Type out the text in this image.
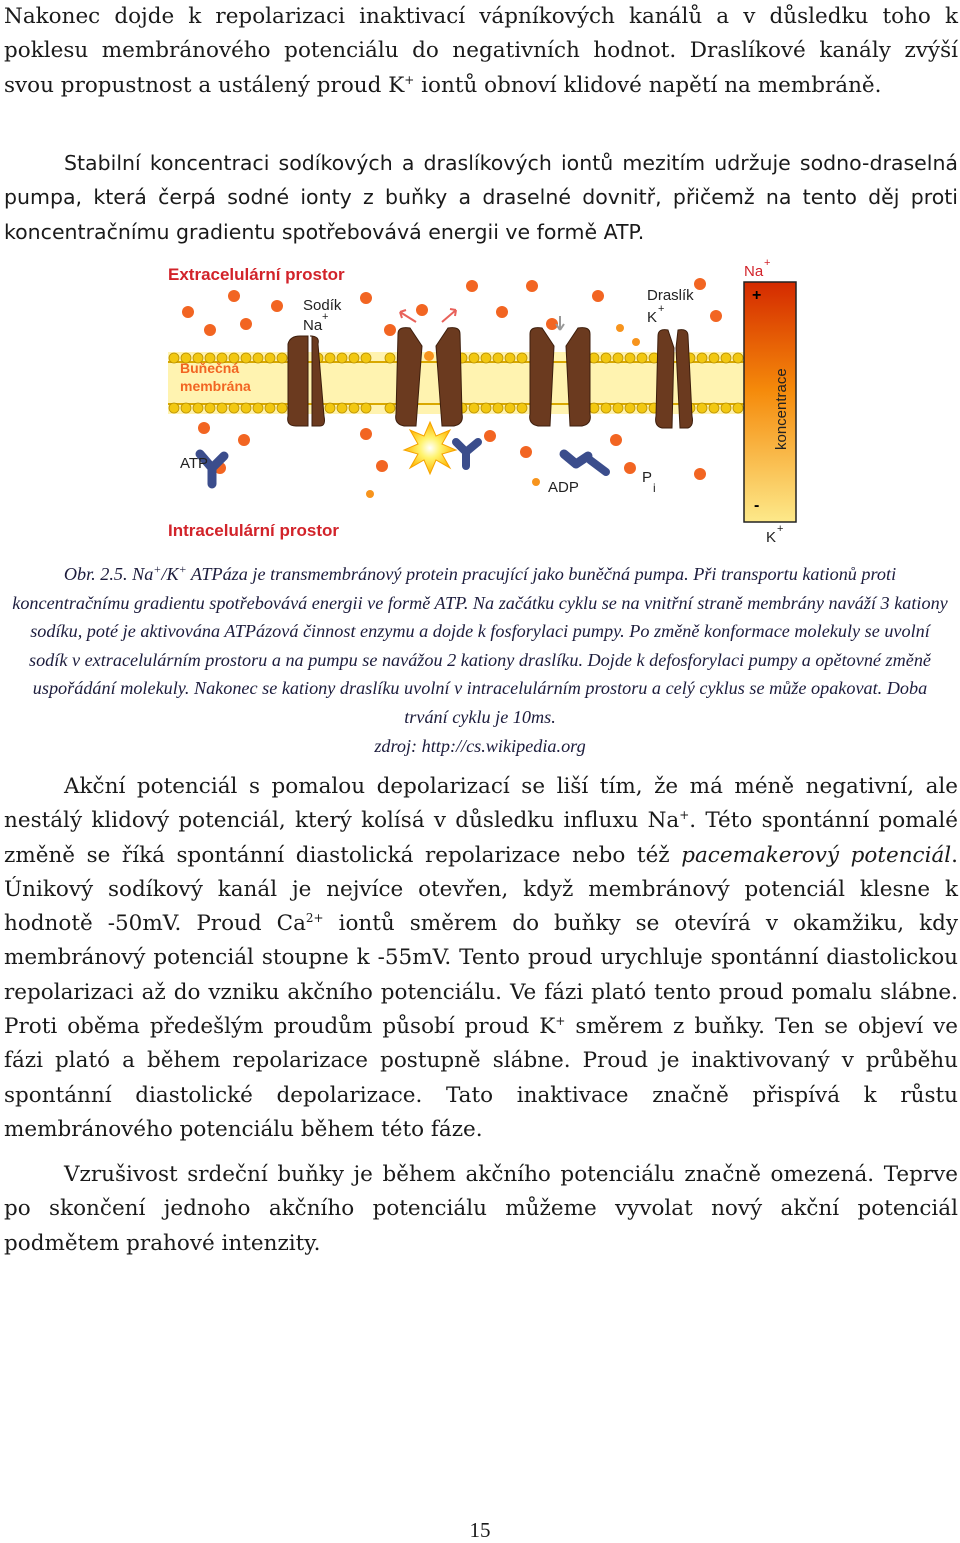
Nakonec dojde k repolarizaci inaktivací vápníkových kanálů a v důsledku toho k poklesu membránového potenciálu do negativních hodnot. Draslíkové kanály zvýší svou propustnost a ustálený proud K+ iontů obnoví klidové napětí na membráně.

Stabilní koncentraci sodíkových a draslíkových iontů mezitím udržuje sodno-draselná pumpa, která čerpá sodné ionty z buňky a draselné dovnitř, přičemž na tento děj proti koncentračnímu gradientu spotřebovává energii ve formě ATP.

Extracelulární prostor
Intracelulární prostor
Sodík
Na +
Draslík
K +
Buňečná
membrána
ATP
ADP
P
i
Na +
+
-
koncentrace
K +

Obr. 2.5. Na+/K+ ATPáza je transmembránový protein pracující jako buněčná pumpa. Při transportu kationů proti koncentračnímu gradientu spotřebovává energii ve formě ATP. Na začátku cyklu se na vnitřní straně membrány naváží 3 kationy sodíku, poté je aktivována ATPázová činnost enzymu a dojde k fosforylaci pumpy. Po změně konformace molekuly se uvolní sodík v extracelulárním prostoru a na pumpu se navážou 2 kationy draslíku. Dojde k defosforylaci pumpy a opětovné změně uspořádání molekuly. Nakonec se kationy draslíku uvolní v intracelulárním prostoru a celý cyklus se může opakovat. Doba trvání cyklu je 10ms.
zdroj: http://cs.wikipedia.org

Akční potenciál s pomalou depolarizací se liší tím, že má méně negativní, ale nestálý klidový potenciál, který kolísá v důsledku influxu Na+. Této spontánní pomalé změně se říká spontánní diastolická repolarizace nebo též pacemakerový potenciál. Únikový sodíkový kanál je nejvíce otevřen, když membránový potenciál klesne k hodnotě -50mV. Proud $Ca^{2+}$ iontů směrem do buňky se otevírá v okamžiku, kdy membránový potenciál stoupne k -55mV. Tento proud urychluje spontánní diastolickou repolarizaci až do vzniku akčního potenciálu. Ve fázi plató tento proud pomalu slábne. Proti oběma předešlým proudům působí proud K+ směrem z buňky. Ten se objeví ve fázi plató a během repolarizace postupně slábne. Proud je inaktivovaný v průběhu spontánní diastolické depolarizace. Tato inaktivace značně přispívá k růstu membránového potenciálu během této fáze.

Vzrušivost srdeční buňky je během akčního potenciálu značně omezená. Teprve po skončení jednoho akčního potenciálu můžeme vyvolat nový akční potenciál podmětem prahové intenzity.

15
